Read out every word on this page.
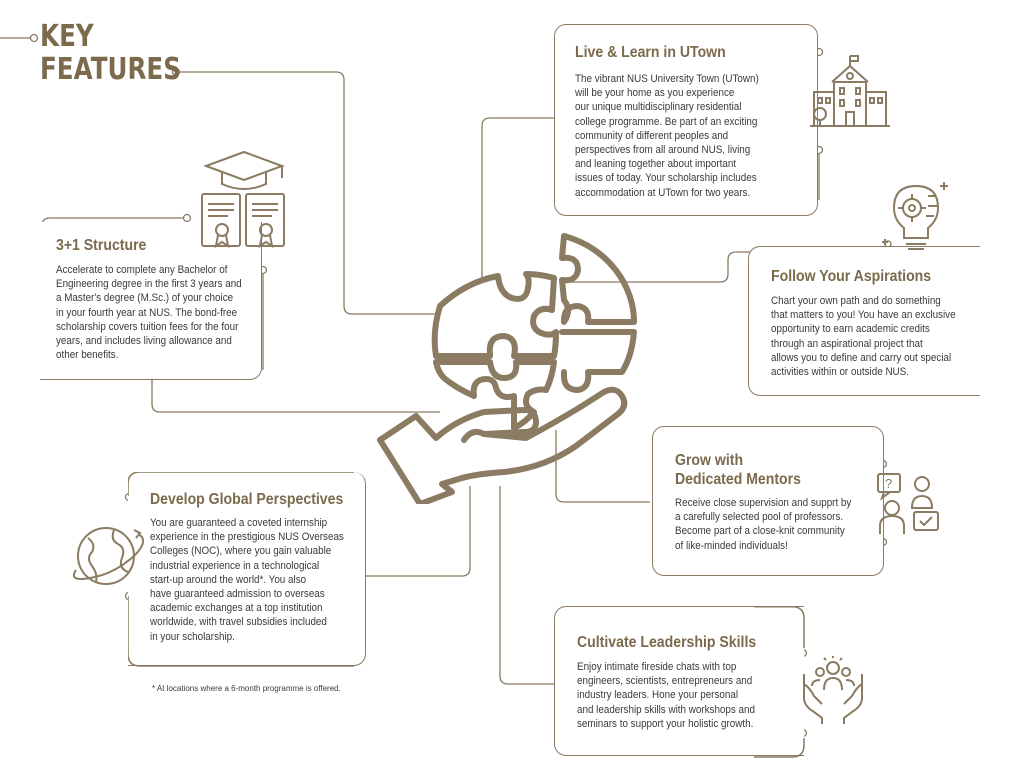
KEY
FEATURES	Live & Learn in UTown

The vibrant NUS University Town (UTown)
will be your home as you experience
our unique multidisciplinary residential
college programme. Be part of an exciting
community of different peoples and
perspectives from all around NUS, living
and leaning together about important
issues of today. Your scholarship includes
accommodation at UTown for two years.

3+1 Structure

Accelerate to complete any Bachelor of
Engineering degree in the first 3 years and
a Master's degree (M.Sc.) of your choice
in your fourth year at NUS. The bond-free
scholarship covers tuition fees for the four
years, and includes living allowance and
other benefits.

Follow Your Aspirations

Chart your own path and do something
that matters to you! You have an exclusive
opportunity to earn academic credits
through an aspirational project that
allows you to define and carry out special
activities within or outside NUS.

Grow with
Dedicated Mentors

Receive close supervision and supprt by
a carefully selected pool of professors.
Become part of a close-knit community
of like-minded individuals!

Develop Global Perspectives

You are guaranteed a coveted internship
experience in the prestigious NUS Overseas
Colleges (NOC), where you gain valuable
industrial experience in a technological
start-up around the world*. You also
have guaranteed admission to overseas
academic exchanges at a top institution
worldwide, with travel subsidies included
in your scholarship.	Cultivate Leadership Skills

Enjoy intimate fireside chats with top
engineers, scientists, entrepreneurs and
industry leaders. Hone your personal
and leadership skills with workshops and
seminars to support your holistic growth.

* At locations where a 6-month programme is offered.

?
